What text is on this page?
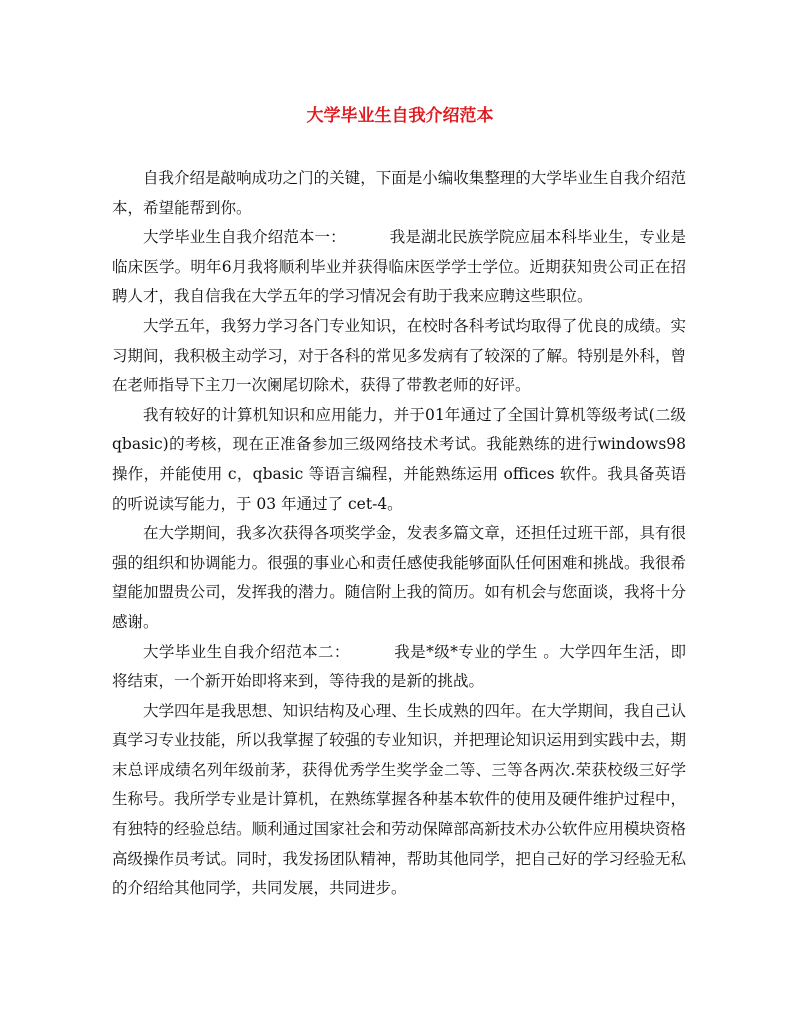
大学毕业生自我介绍范本

自我介绍是敲响成功之门的关键，下面是小编收集整理的大学毕业生自我介绍范本，希望能帮到你。

大学毕业生自我介绍范本一：	我是湖北民族学院应届本科毕业生，专业是临床医学。明年6月我将顺利毕业并获得临床医学学士学位。近期获知贵公司正在招聘人才，我自信我在大学五年的学习情况会有助于我来应聘这些职位。

大学五年，我努力学习各门专业知识，在校时各科考试均取得了优良的成绩。实习期间，我积极主动学习，对于各科的常见多发病有了较深的了解。特别是外科，曾在老师指导下主刀一次阑尾切除术，获得了带教老师的好评。

我有较好的计算机知识和应用能力，并于01年通过了全国计算机等级考试(二级 qbasic)的考核，现在正准备参加三级网络技术考试。我能熟练的进行windows98 操作，并能使用 c，qbasic 等语言编程，并能熟练运用 offices 软件。我具备英语的听说读写能力，于 03 年通过了 cet-4。

在大学期间，我多次获得各项奖学金，发表多篇文章，还担任过班干部，具有很强的组织和协调能力。很强的事业心和责任感使我能够面队任何困难和挑战。我很希望能加盟贵公司，发挥我的潜力。随信附上我的简历。如有机会与您面谈，我将十分感谢。

大学毕业生自我介绍范本二：	我是*级*专业的学生 。大学四年生活，即将结束，一个新开始即将来到，等待我的是新的挑战。

大学四年是我思想、知识结构及心理、生长成熟的四年。在大学期间，我自己认真学习专业技能，所以我掌握了较强的专业知识，并把理论知识运用到实践中去，期末总评成绩名列年级前茅，获得优秀学生奖学金二等、三等各两次.荣获校级三好学生称号。我所学专业是计算机，在熟练掌握各种基本软件的使用及硬件维护过程中，有独特的经验总结。顺利通过国家社会和劳动保障部高新技术办公软件应用模块资格高级操作员考试。同时，我发扬团队精神，帮助其他同学，把自己好的学习经验无私的介绍给其他同学，共同发展，共同进步。
